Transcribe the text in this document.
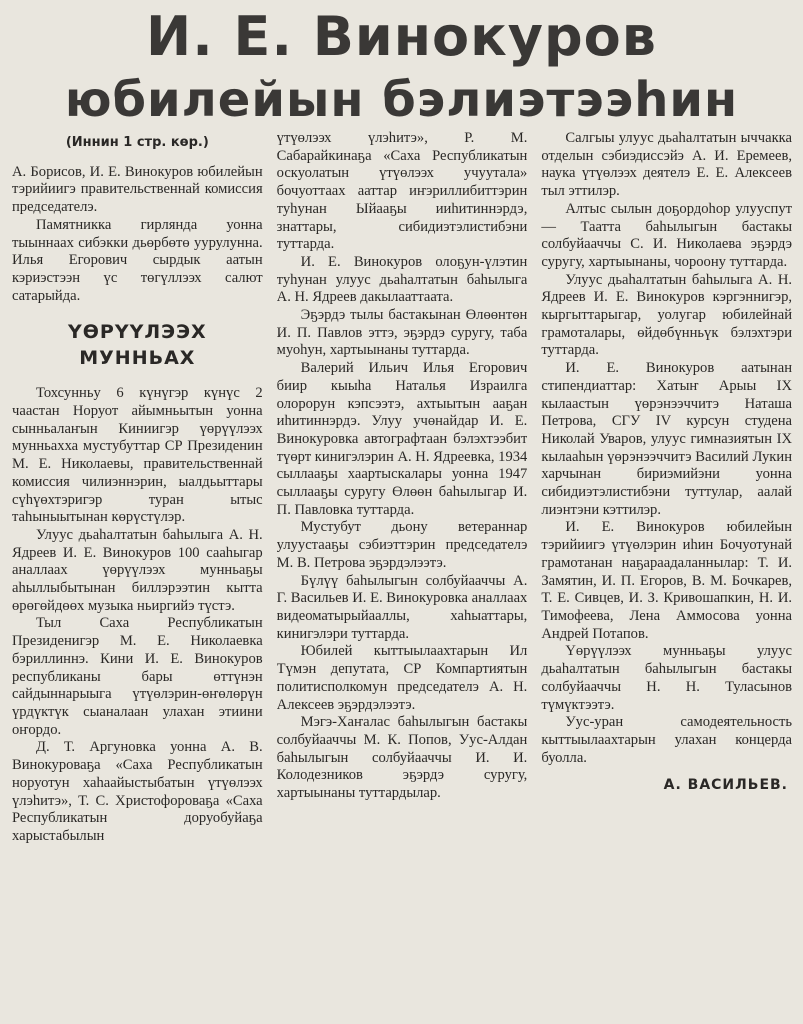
И. Е. Винокуров
юбилейын бэлиэтээһин
(Иннин 1 стр. көр.)

А. Борисов, И. Е. Винокуров юбилейын тэрийиигэ правительственнай комиссия председателэ.

Памятникка гирлянда уонна тыыннаах сибэкки дьөрбөтө уурулунна. Илья Егорович сырдык аатын кэриэстээн үс төгүллээх салют сатарыйда.

ҮӨРҮҮЛЭЭХ МУННЬАХ

Тохсунньу 6 күнүгэр күнүс 2 чаастан Норуот айымньытын уонна сынньалаҥын Киниигэр үөрүүлээх мунньахха мустубуттар СР Президенин М. Е. Николаевы, правительственнай комиссия чилиэннэрин, ыалдьыттары сүһүөхтэригэр туран ытыс таһыныытынан көрүстүлэр.

Улуус дьаһалтатын баһылыга А. Н. Ядреев И. Е. Винокуров 100 сааһыгар аналлаах үөрүүлээх мунньаҕы аһыллыбытынан биллэрээтин кытта өрөгөйдөөх музыка ньиргийэ түстэ.

Тыл Саха Республикатын Президенигэр М. Е. Николаевка бэриллиннэ. Кини И. Е. Винокуров республиканы бары өттүнэн сайдыннарыыга үтүөлэрин-өҥөлөрүн үрдүктүк сыаналаан улахан этиини оҥордо.

Д. Т. Аргуновка уонна А. В. Винокуроваҕа «Саха Республикатын норуотун хаһаайыстыбатын үтүөлээх үлэһитэ», Т. С. Христофороваҕа «Саха Республикатын доруобуйаҕа харыстабылын

үтүөлээх үлэһитэ», Р. М. Сабарайкинаҕа «Саха Республикатын оскуолатын үтүөлээх учуутала» бочуоттаах ааттар иҥэриллибиттэрин туһунан Ыйааҕы ииһитиннэрдэ, знаттары, сибидиэтэлистибэни туттарда.

И. Е. Винокуров олоҕун-үлэтин туһунан улуус дьаһалтатын баһылыга А. Н. Ядреев дакылааттаата.

Эҕэрдэ тылы бастакынан Өлөөнтөн И. П. Павлов эттэ, эҕэрдэ суругу, таба муоһун, хартыынаны туттарда.

Валерий Ильич Илья Егорович биир кыыһа Наталья Израилга олорорун кэпсээтэ, ахтыытын ааҕан иһитиннэрдэ. Улуу учөнайдар И. Е. Винокуровка автографтаан бэлэхтээбит түөрт кинигэлэрин А. Н. Ядреевка, 1934 сыллааҕы хаартыскалары уонна 1947 сыллааҕы суругу Өлөөн баһылыгар И. П. Павловка туттарда.

Мустубут дьону ветераннар улуустааҕы сэбиэттэрин председателэ М. В. Петрова эҕэрдэлээтэ.

Бүлүү баһылыгын солбуйааччы А. Г. Васильев И. Е. Винокуровка аналлаах видеоматырыйааллы, хаһыаттары, кинигэлэри туттарда.

Юбилей кыттыылаахтарын Ил Түмэн депутата, СР Компартиятын политисполкомун председателэ А. Н. Алексеев эҕэрдэлээтэ.

Мэгэ-Хаҥалас баһылыгын бастакы солбуйааччы М. К. Попов, Уус-Алдан баһылыгын солбуйааччы И. И. Колодезников эҕэрдэ суругу, хартыынаны туттардылар.

Салгыы улуус дьаһалтатын ыччакка отделын сэбиэдиссэйэ А. И. Еремеев, наука үтүөлээх деятелэ Е. Е. Алексеев тыл эттилэр.

Алтыс сылын доҕордоһор улууспут — Таатта баһылыгын бастакы солбуйааччы С. И. Николаева эҕэрдэ суругу, хартыынаны, чороону туттарда.

Улуус дьаһалтатын баһылыга А. Н. Ядреев И. Е. Винокуров кэргэннигэр, кыргыттарыгар, уолугар юбилейнай грамоталары, өйдөбүнньүк бэлэхтэри туттарда.

И. Е. Винокуров аатынан стипендиаттар: Хатыҥ Арыы IX кылаастын үөрэнээччитэ Наташа Петрова, СГУ IV курсун студена Николай Уваров, улуус гимназиятын IX кылааһын үөрэнээччитэ Василий Лукин харчынан бириэмийэни уонна сибидиэтэлистибэни туттулар, аалай лиэнтэни кэттилэр.

И. Е. Винокуров юбилейын тэрийиигэ үтүөлэрин иһин Бочуотунай грамотанан наҕараадаланнылар: Т. И. Замятин, И. П. Егоров, В. М. Бочкарев, Т. Е. Сивцев, И. З. Кривошапкин, Н. И. Тимофеева, Лена Аммосова уонна Андрей Потапов.

Үөрүүлээх мунньаҕы улуус дьаһалтатын баһылыгын бастакы солбуйааччы Н. Н. Туласынов түмүктээтэ.

Уус-уран самодеятельность кыттыылаахтарын улахан концерда буолла.

А. ВАСИЛЬЕВ.
